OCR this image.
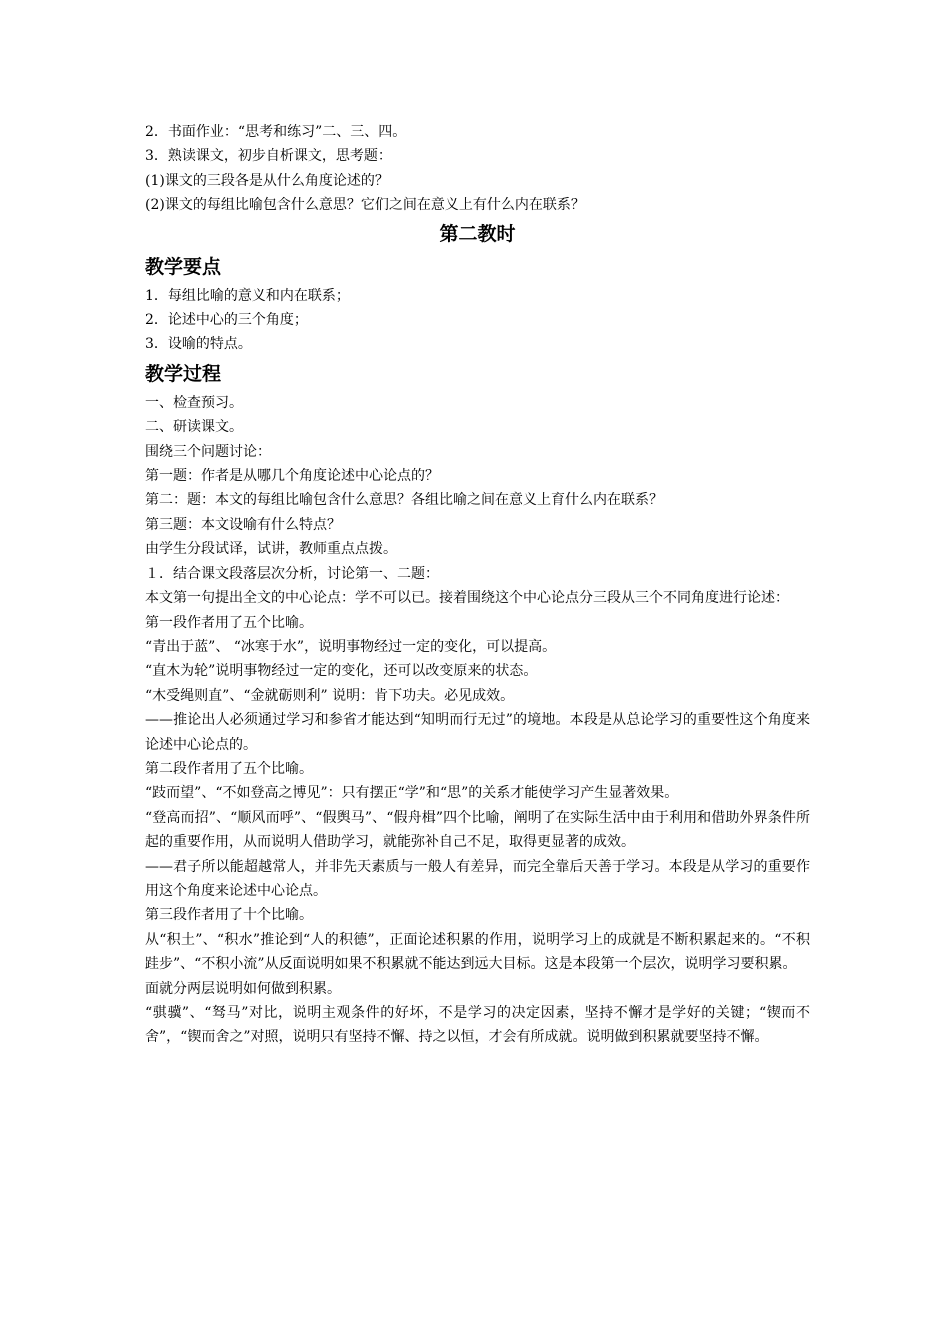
2．书面作业：“思考和练习”二、三、四。

3．熟读课文，初步自析课文，思考题：

(1)课文的三段各是从什么角度论述的？

(2)课文的每组比喻包含什么意思？它们之间在意义上有什么内在联系？

第二教时

教学要点

1．每组比喻的意义和内在联系；

2．论述中心的三个角度；

3．设喻的特点。

教学过程

一、检查预习。

二、研读课文。

围绕三个问题讨论：

第一题：作者是从哪几个角度论述中心论点的？

第二：题：本文的每组比喻包含什么意思？各组比喻之间在意义上育什么内在联系？

第三题：本文设喻有什么特点？

由学生分段试译，试讲，教师重点点拨。

１．结合课文段落层次分析，讨论第一、二题：

本文第一句提出全文的中心论点：学不可以已。接着围绕这个中心论点分三段从三个不同角度进行论述：

第一段作者用了五个比喻。

“青出于蓝”、 “冰寒于水”，说明事物经过一定的变化，可以提高。

“直木为轮”说明事物经过一定的变化，还可以改变原来的状态。

“木受绳则直”、“金就砺则利” 说明：肯下功夫。必见成效。

——推论出人必须通过学习和参省才能达到“知明而行无过”的境地。本段是从总论学习的重要性这个角度来论述中心论点的。

第二段作者用了五个比喻。

“跂而望”、“不如登高之博见”：只有摆正“学”和“思”的关系才能使学习产生显著效果。

“登高而招”、“顺风而呼”、“假舆马”、“假舟楫”四个比喻，阐明了在实际生活中由于利用和借助外界条件所起的重要作用，从而说明人借助学习，就能弥补自己不足，取得更显著的成效。

——君子所以能超越常人，并非先天素质与一般人有差异，而完全靠后天善于学习。本段是从学习的重要作用这个角度来论述中心论点。

第三段作者用了十个比喻。

从“积土”、“积水”推论到“人的积德”，正面论述积累的作用，说明学习上的成就是不断积累起来的。“不积跬步”、“不积小流”从反面说明如果不积累就不能达到远大目标。这是本段第一个层次，说明学习要积累。

面就分两层说明如何做到积累。

“骐骥”、“驽马”对比，说明主观条件的好坏，不是学习的决定因素，坚持不懈才是学好的关键；“锲而不舍”，“锲而舍之”对照，说明只有坚持不懈、持之以恒，才会有所成就。说明做到积累就要坚持不懈。
